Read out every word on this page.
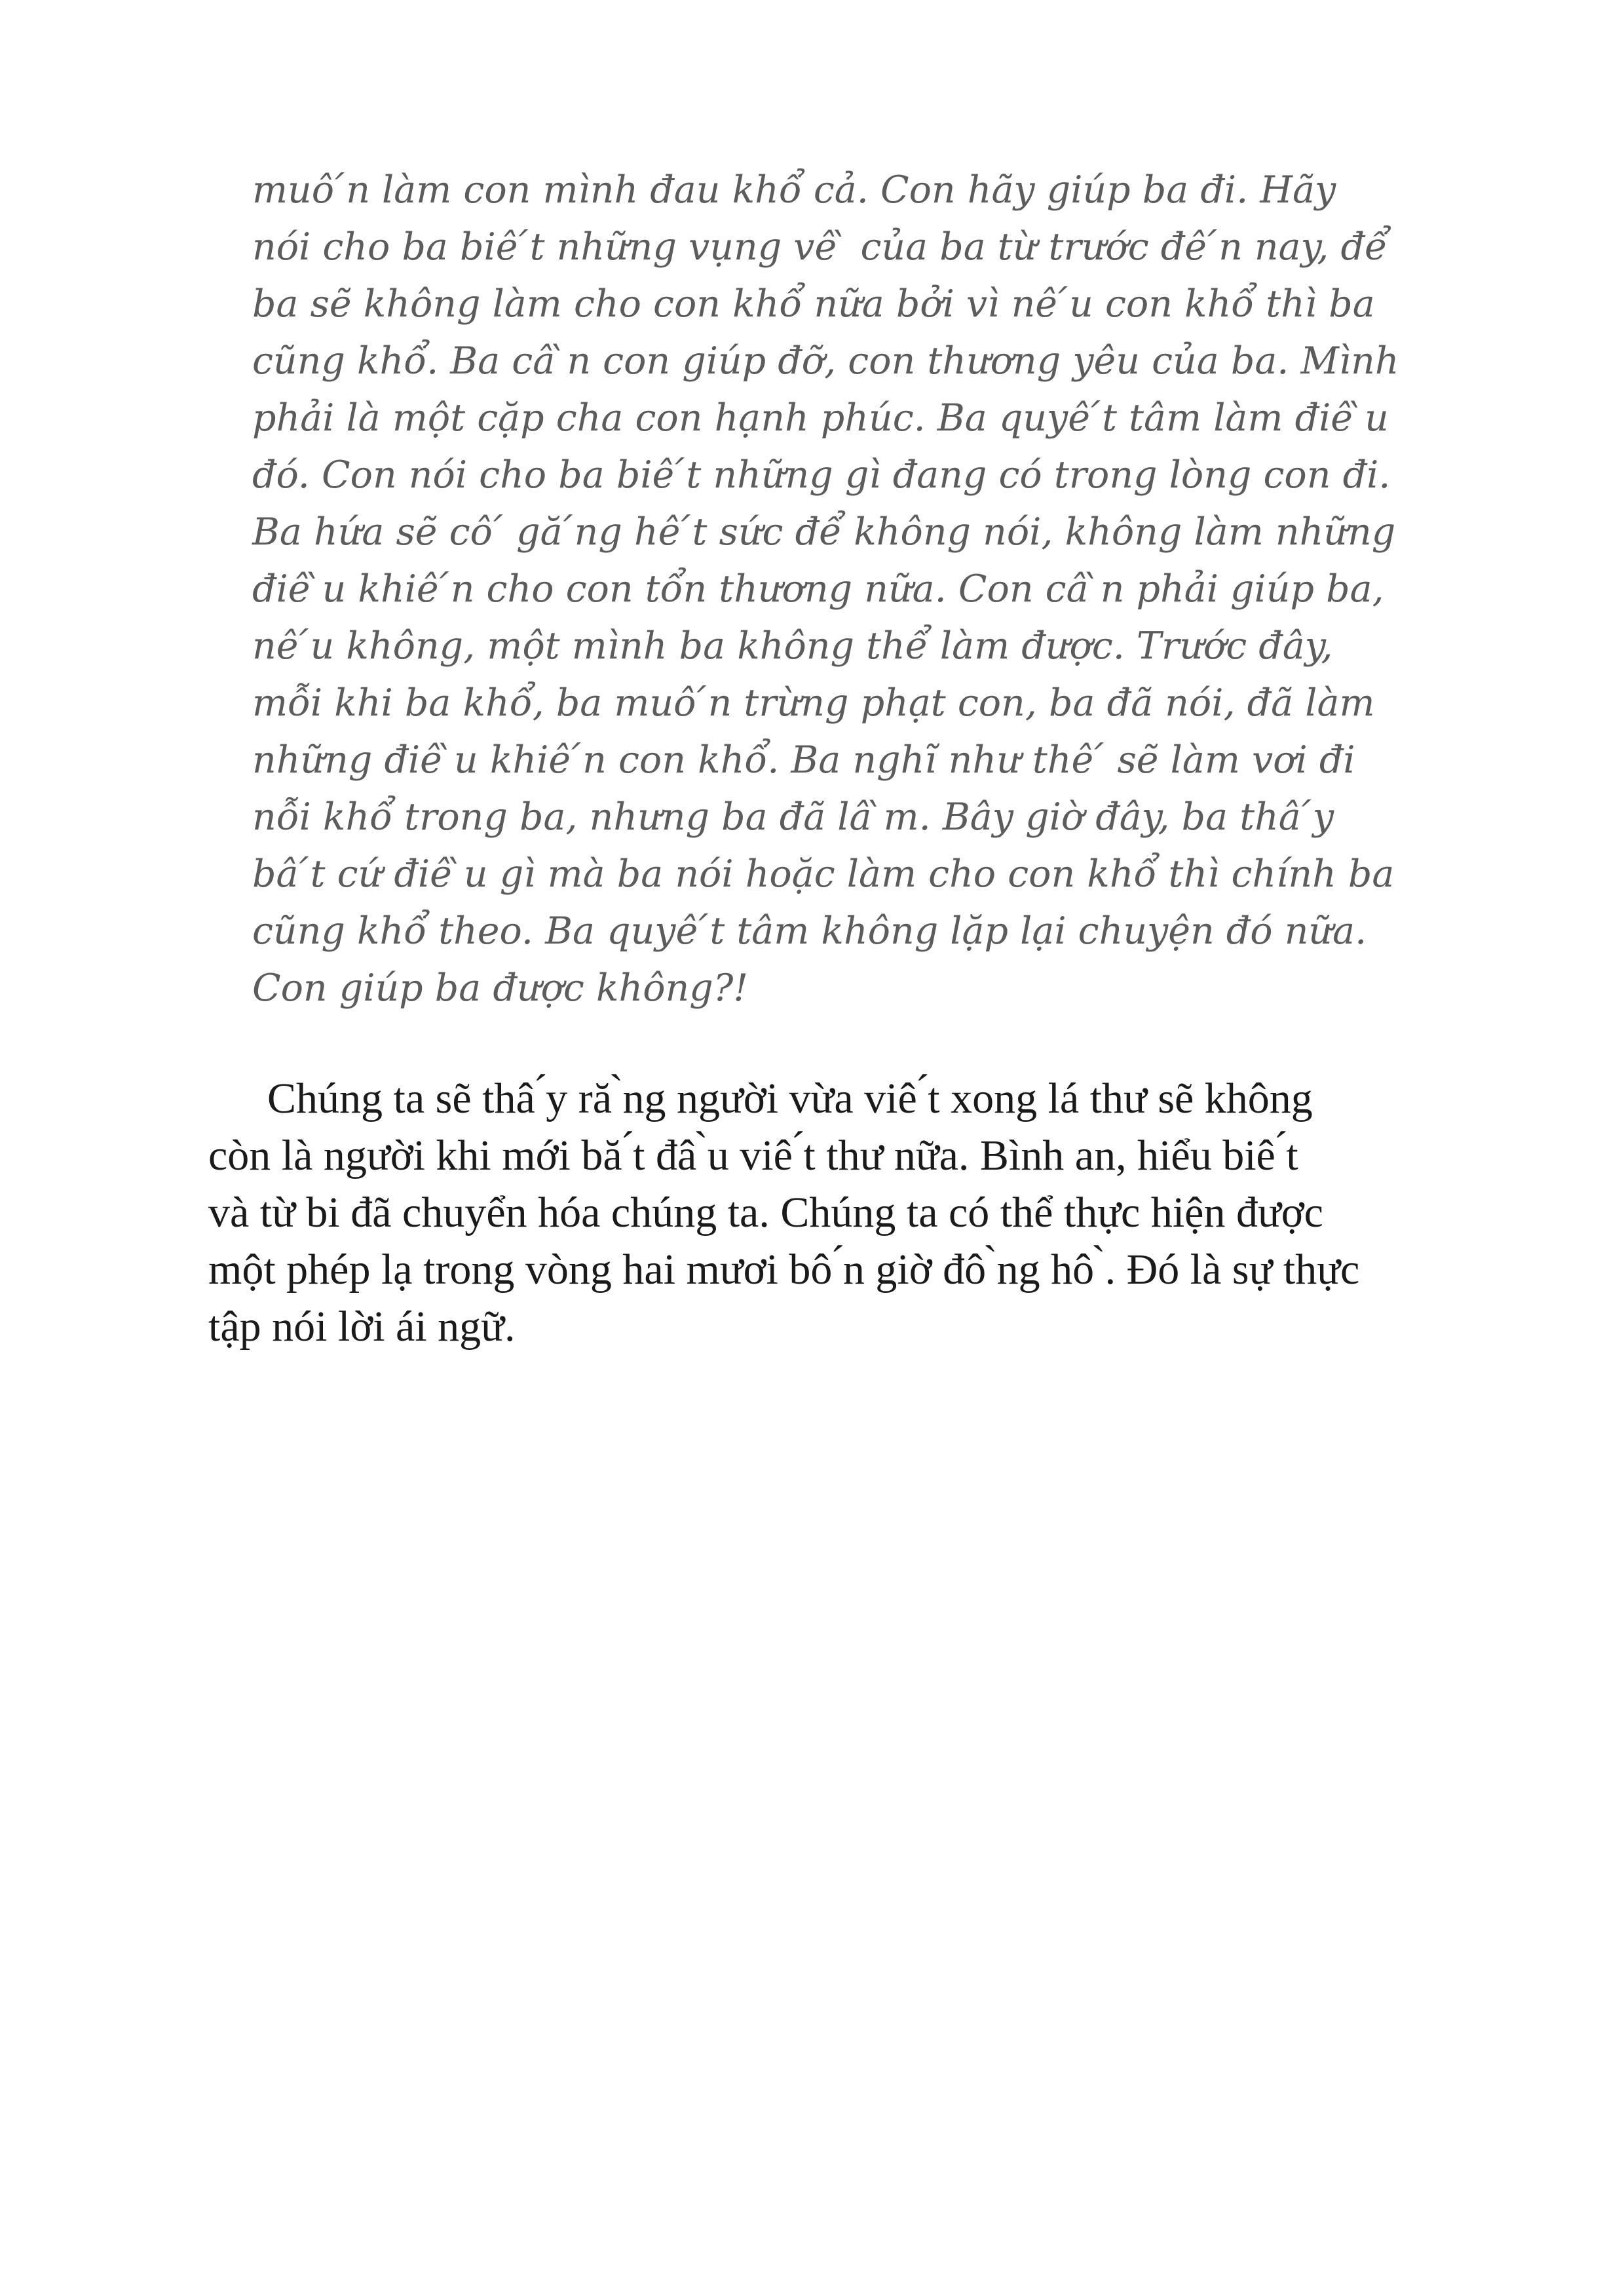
muô ́n làm con mình đau khổ cả. Con hãy giúp ba đi. Hãy
nói cho ba biê ́t những vụng vê ̀ của ba từ trước đê ́n nay, để
ba sẽ không làm cho con khổ nữa bởi vì nê ́u con khổ thì ba
cũng khổ. Ba câ ̀n con giúp đỡ, con thương yêu của ba. Mình
phải là một cặp cha con hạnh phúc. Ba quyê ́t tâm làm điê ̀u
đó. Con nói cho ba biê ́t những gì đang có trong lòng con đi.
Ba hứa sẽ cô ́ gă ́ng hê ́t sức để không nói, không làm những
điê ̀u khiê ́n cho con tổn thương nữa. Con câ ̀n phải giúp ba,
nê ́u không, một mình ba không thể làm được. Trước đây,
mỗi khi ba khổ, ba muô ́n trừng phạt con, ba đã nói, đã làm
những điê ̀u khiê ́n con khổ. Ba nghĩ như thê ́ sẽ làm vơi đi
nỗi khổ trong ba, nhưng ba đã lâ ̀m. Bây giờ đây, ba thâ ́y
bâ ́t cứ điê ̀u gì mà ba nói hoặc làm cho con khổ thì chính ba
cũng khổ theo. Ba quyê ́t tâm không lặp lại chuyện đó nữa.
Con giúp ba được không?!
Chúng ta sẽ thâ ́y ră ̀ng người vừa viê ́t xong lá thư sẽ không
còn là người khi mới bă ́t đâ ̀u viê ́t thư nữa. Bình an, hiểu biê ́t
và từ bi đã chuyển hóa chúng ta. Chúng ta có thể thực hiện được
một phép lạ trong vòng hai mươi bô ́n giờ đô ̀ng hô ̀. Đó là sự thực
tập nói lời ái ngữ.
